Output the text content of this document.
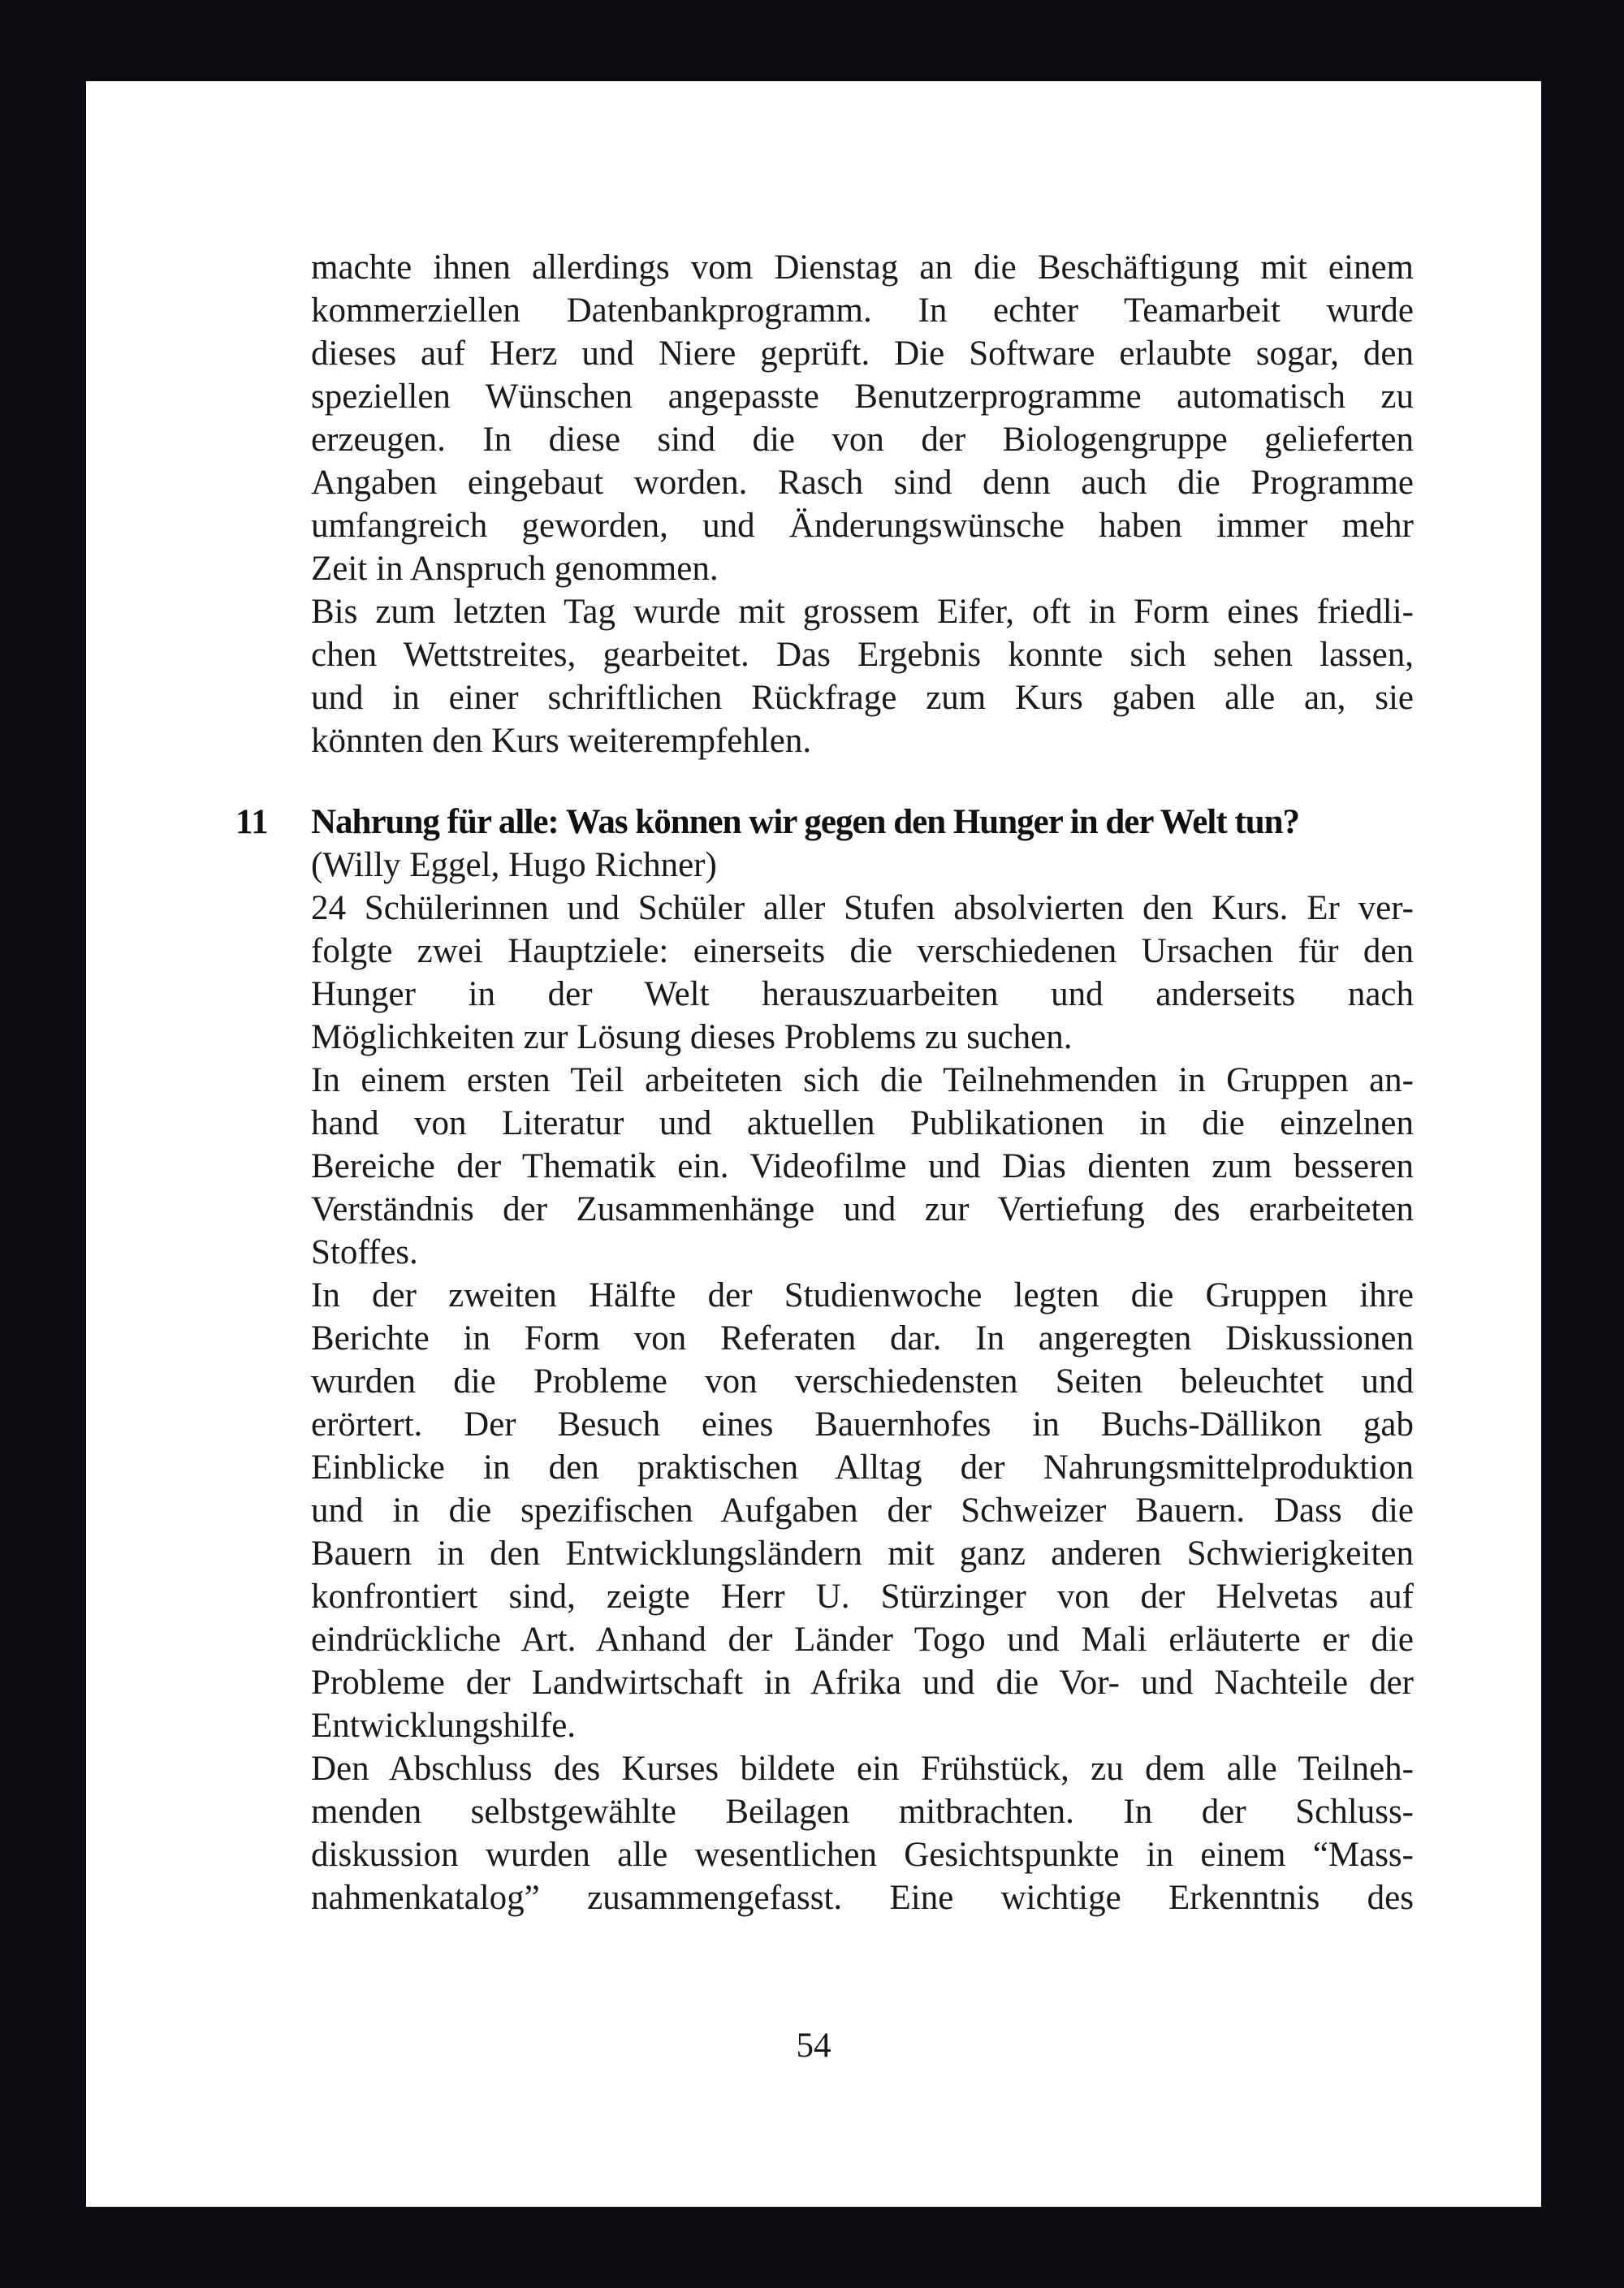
machte ihnen allerdings vom Dienstag an die Beschäftigung mit einem
kommerziellen Datenbankprogramm. In echter Teamarbeit wurde
dieses auf Herz und Niere geprüft. Die Software erlaubte sogar, den
speziellen Wünschen angepasste Benutzerprogramme automatisch zu
erzeugen. In diese sind die von der Biologengruppe gelieferten
Angaben eingebaut worden. Rasch sind denn auch die Programme
umfangreich geworden, und Änderungswünsche haben immer mehr
Zeit in Anspruch genommen.
Bis zum letzten Tag wurde mit grossem Eifer, oft in Form eines friedli-
chen Wettstreites, gearbeitet. Das Ergebnis konnte sich sehen lassen,
und in einer schriftlichen Rückfrage zum Kurs gaben alle an, sie
könnten den Kurs weiterempfehlen.
11 Nahrung für alle: Was können wir gegen den Hunger in der Welt tun?
(Willy Eggel, Hugo Richner)
24 Schülerinnen und Schüler aller Stufen absolvierten den Kurs. Er ver-
folgte zwei Hauptziele: einerseits die verschiedenen Ursachen für den
Hunger in der Welt herauszuarbeiten und anderseits nach
Möglichkeiten zur Lösung dieses Problems zu suchen.
In einem ersten Teil arbeiteten sich die Teilnehmenden in Gruppen an-
hand von Literatur und aktuellen Publikationen in die einzelnen
Bereiche der Thematik ein. Videofilme und Dias dienten zum besseren
Verständnis der Zusammenhänge und zur Vertiefung des erarbeiteten
Stoffes.
In der zweiten Hälfte der Studienwoche legten die Gruppen ihre
Berichte in Form von Referaten dar. In angeregten Diskussionen
wurden die Probleme von verschiedensten Seiten beleuchtet und
erörtert. Der Besuch eines Bauernhofes in Buchs-Dällikon gab
Einblicke in den praktischen Alltag der Nahrungsmittelproduktion
und in die spezifischen Aufgaben der Schweizer Bauern. Dass die
Bauern in den Entwicklungsländern mit ganz anderen Schwierigkeiten
konfrontiert sind, zeigte Herr U. Stürzinger von der Helvetas auf
eindrückliche Art. Anhand der Länder Togo und Mali erläuterte er die
Probleme der Landwirtschaft in Afrika und die Vor- und Nachteile der
Entwicklungshilfe.
Den Abschluss des Kurses bildete ein Frühstück, zu dem alle Teilneh-
menden selbstgewählte Beilagen mitbrachten. In der Schluss-
diskussion wurden alle wesentlichen Gesichtspunkte in einem “Mass-
nahmenkatalog” zusammengefasst. Eine wichtige Erkenntnis des
54
